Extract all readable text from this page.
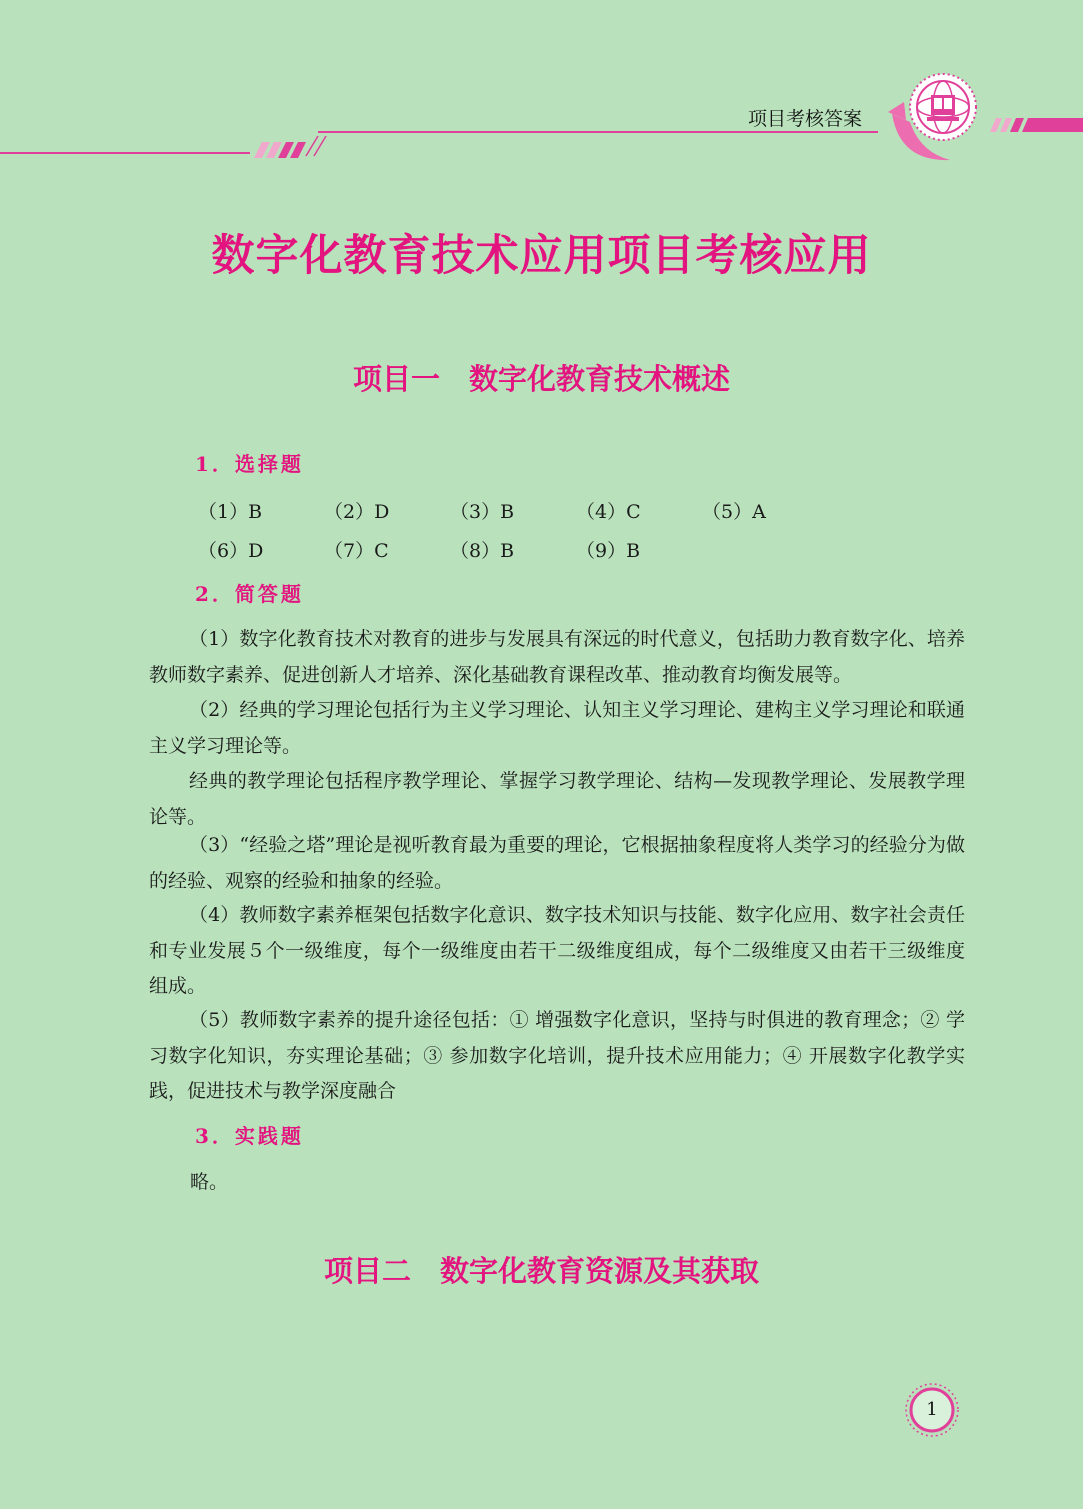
项目考核答案
数字化教育技术应用项目考核应用
项目一　数字化教育技术概述
1．选择题
（1）B	（2）D	（3）B	（4）C	（5）A
（6）D	（7）C	（8）B	（9）B
2．简答题

（1）数字化教育技术对教育的进步与发展具有深远的时代意义，包括助力教育数字化、培养教师数字素养、促进创新人才培养、深化基础教育课程改革、推动教育均衡发展等。

（2）经典的学习理论包括行为主义学习理论、认知主义学习理论、建构主义学习理论和联通主义学习理论等。

经典的教学理论包括程序教学理论、掌握学习教学理论、结构—发现教学理论、发展教学理论等。

（3）“经验之塔”理论是视听教育最为重要的理论，它根据抽象程度将人类学习的经验分为做的经验、观察的经验和抽象的经验。

（4）教师数字素养框架包括数字化意识、数字技术知识与技能、数字化应用、数字社会责任和专业发展５个一级维度，每个一级维度由若干二级维度组成，每个二级维度又由若干三级维度组成。

（5）教师数字素养的提升途径包括：① 增强数字化意识，坚持与时俱进的教育理念；② 学习数字化知识，夯实理论基础；③ 参加数字化培训，提升技术应用能力；④ 开展数字化教学实践，促进技术与教学深度融合

3．实践题

略。

项目二　数字化教育资源及其获取
1
